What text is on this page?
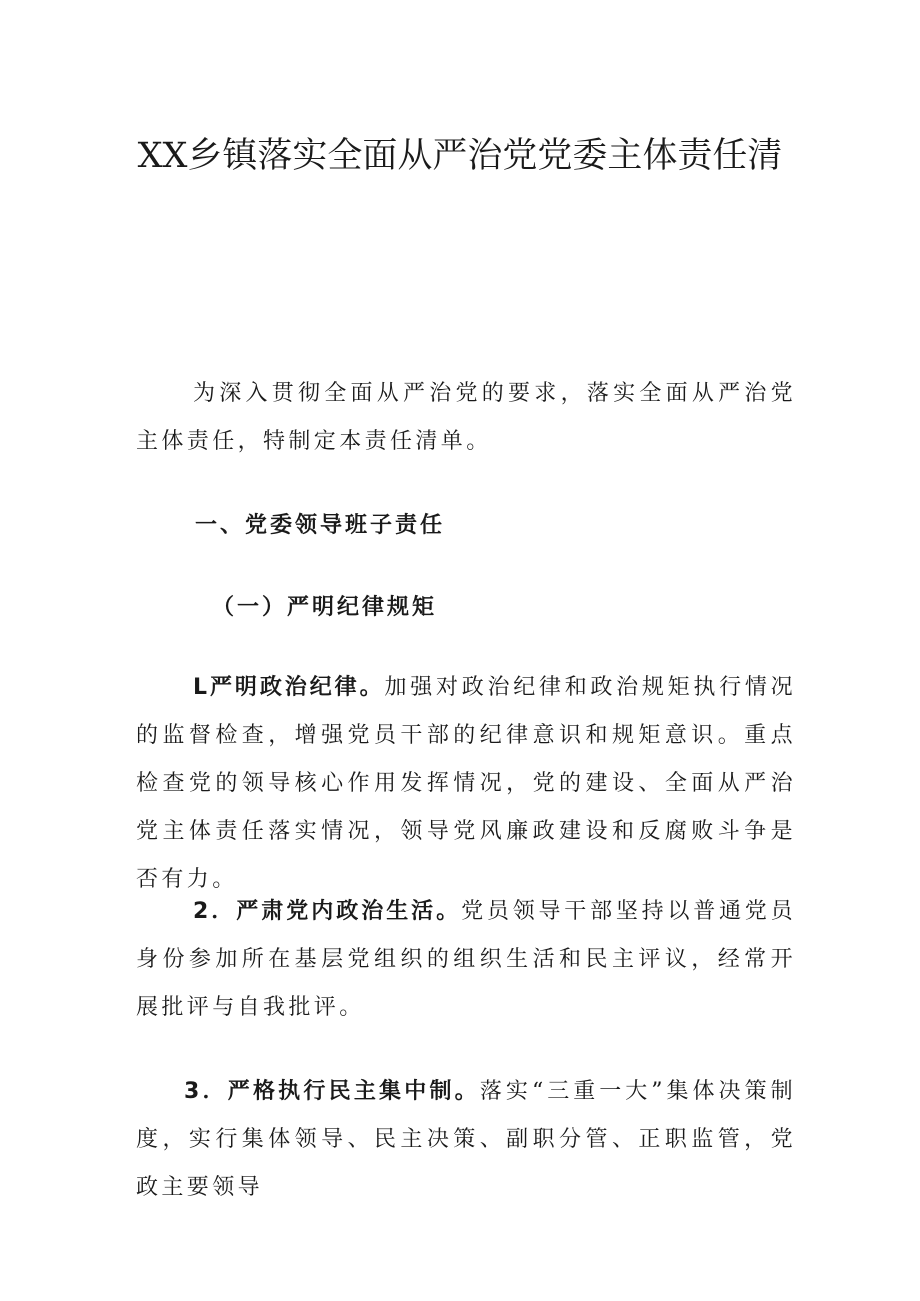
XX乡镇落实全面从严治党党委主体责任清

为深入贯彻全面从严治党的要求，落实全面从严治党主体责任，特制定本责任清单。

一、党委领导班子责任
（一）严明纪律规矩

L严明政治纪律。加强对政治纪律和政治规矩执行情况的监督检查，增强党员干部的纪律意识和规矩意识。重点检查党的领导核心作用发挥情况，党的建设、全面从严治党主体责任落实情况，领导党风廉政建设和反腐败斗争是否有力。

2．严肃党内政治生活。党员领导干部坚持以普通党员身份参加所在基层党组织的组织生活和民主评议，经常开展批评与自我批评。

3．严格执行民主集中制。落实“三重一大”集体决策制度，实行集体领导、民主决策、副职分管、正职监管，党政主要领导
